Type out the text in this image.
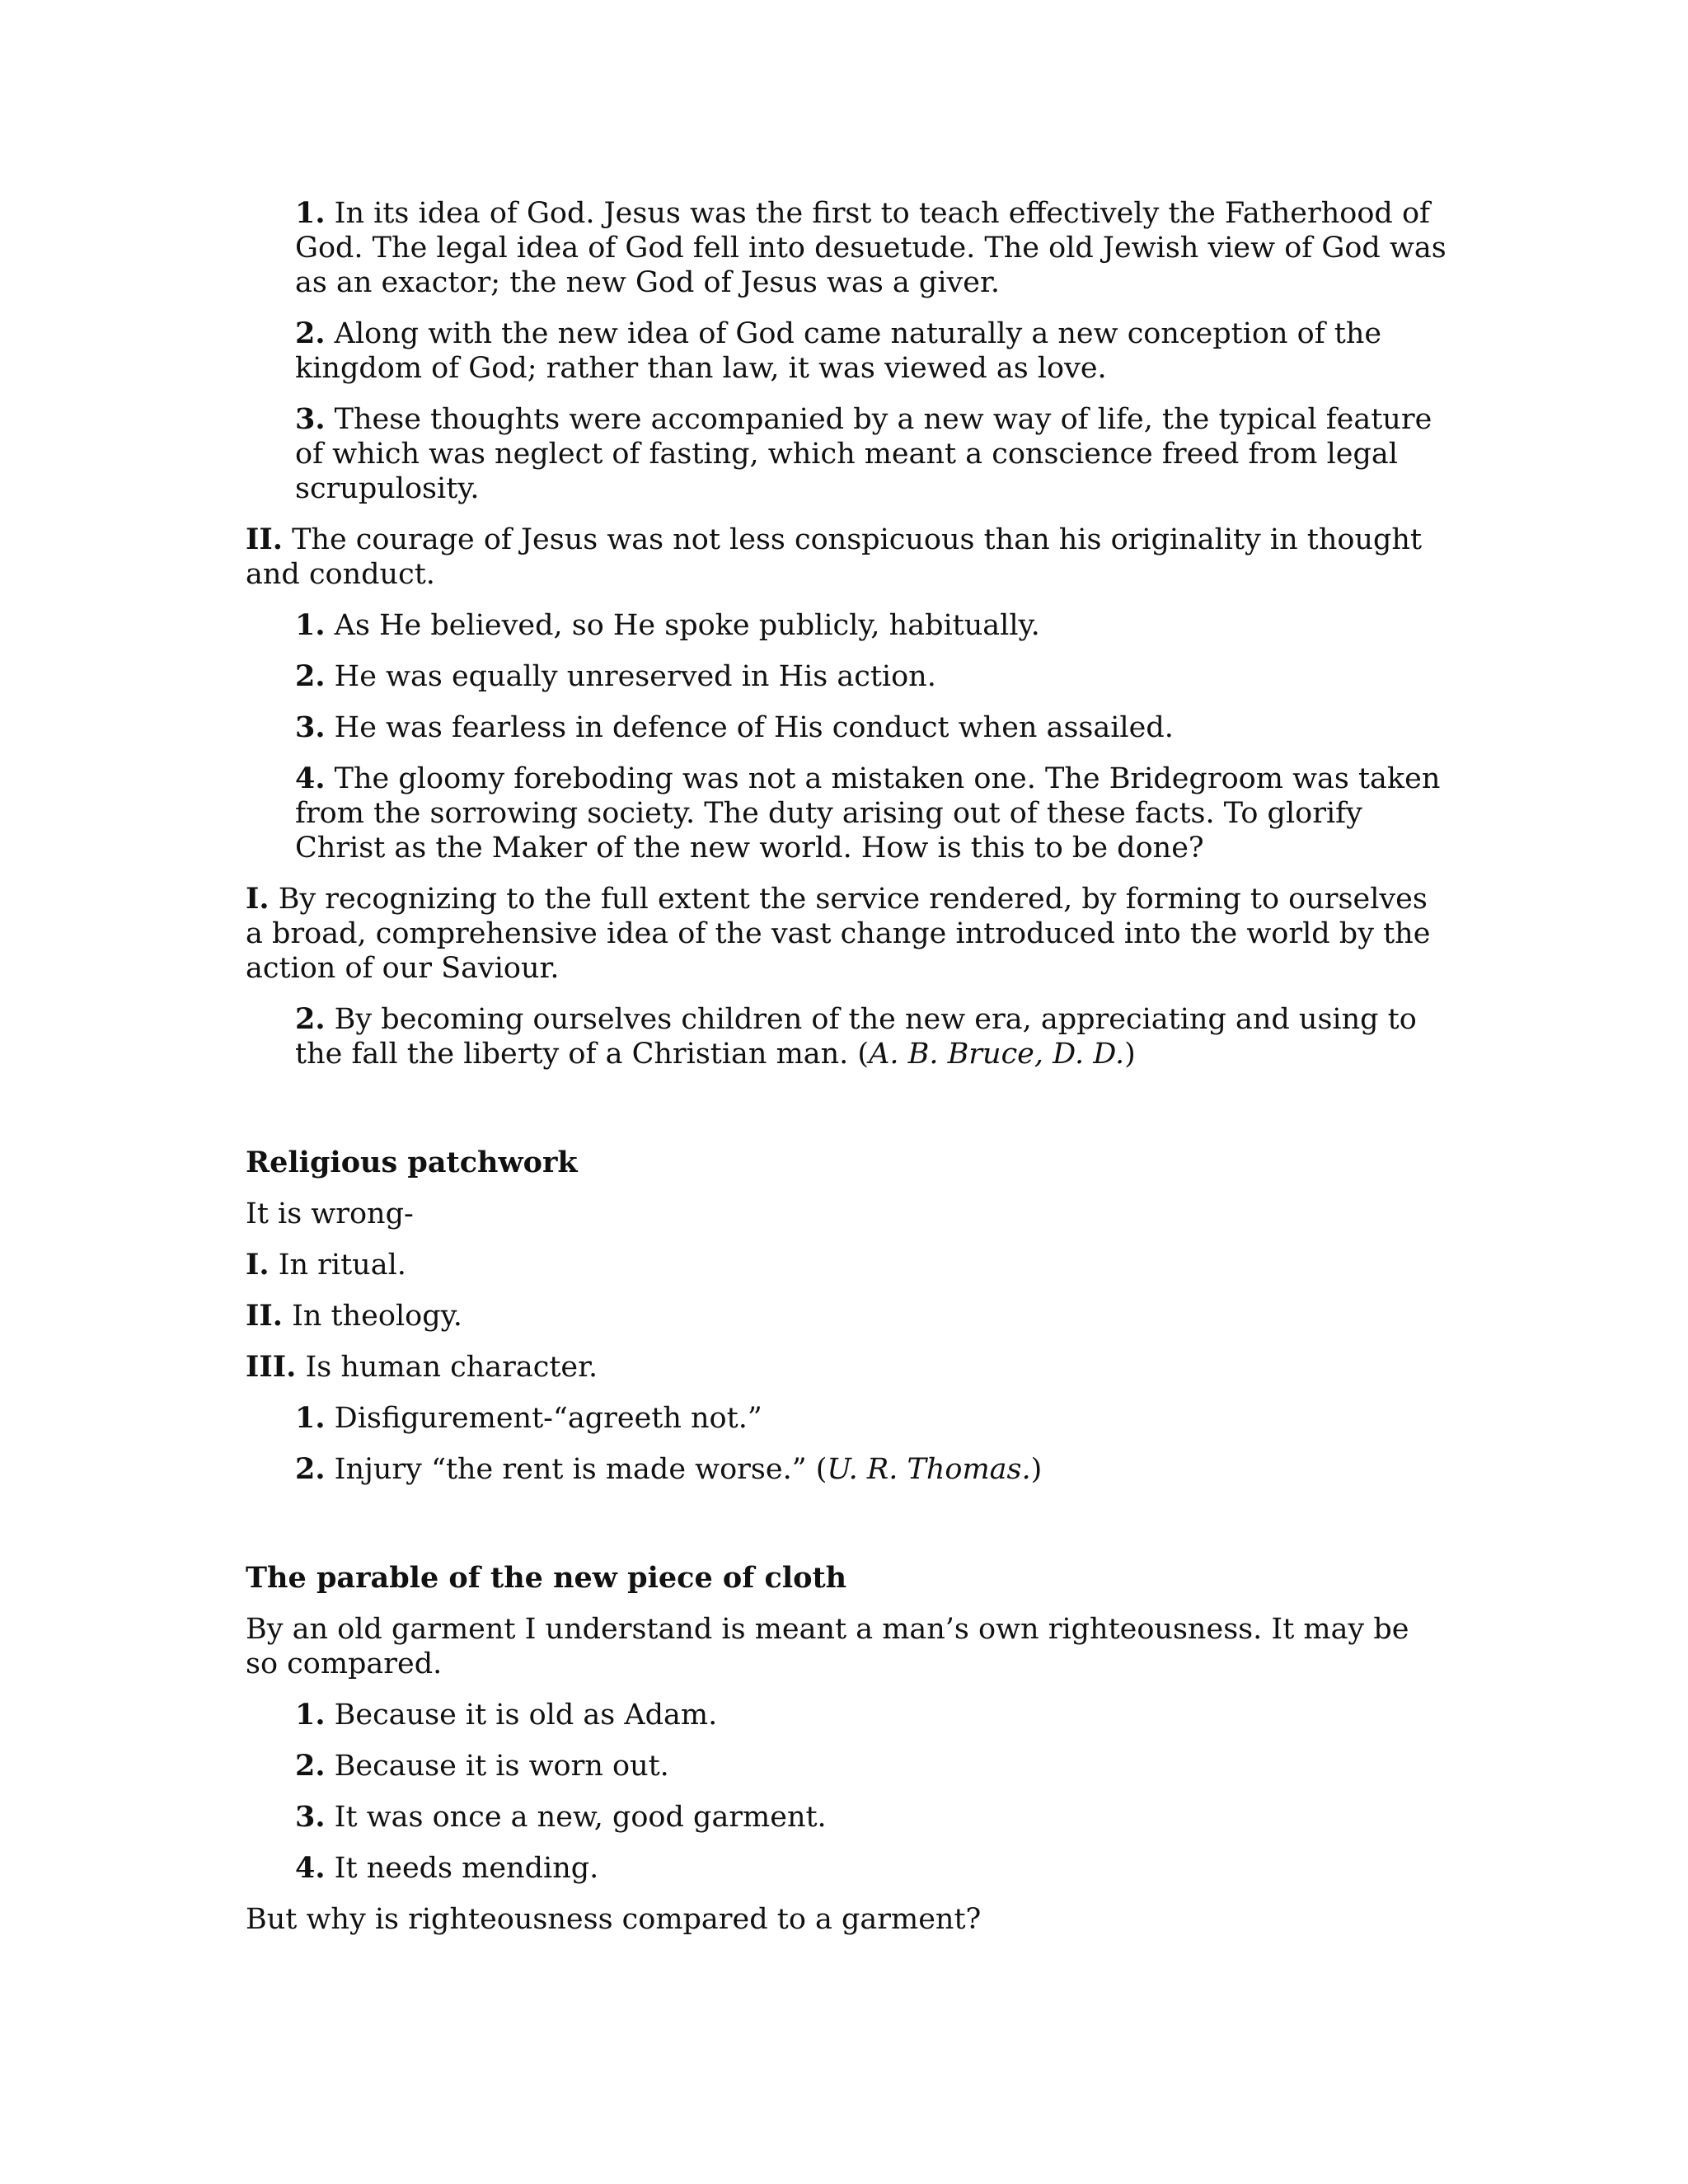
1. In its idea of God. Jesus was the first to teach effectively the Fatherhood of God. The legal idea of God fell into desuetude. The old Jewish view of God was as an exactor; the new God of Jesus was a giver.

2. Along with the new idea of God came naturally a new conception of the kingdom of God; rather than law, it was viewed as love.

3. These thoughts were accompanied by a new way of life, the typical feature of which was neglect of fasting, which meant a conscience freed from legal scrupulosity.

II. The courage of Jesus was not less conspicuous than his originality in thought and conduct.

1. As He believed, so He spoke publicly, habitually.

2. He was equally unreserved in His action.

3. He was fearless in defence of His conduct when assailed.

4. The gloomy foreboding was not a mistaken one. The Bridegroom was taken from the sorrowing society. The duty arising out of these facts. To glorify Christ as the Maker of the new world. How is this to be done?

I. By recognizing to the full extent the service rendered, by forming to ourselves a broad, comprehensive idea of the vast change introduced into the world by the action of our Saviour.

2. By becoming ourselves children of the new era, appreciating and using to the fall the liberty of a Christian man. (A. B. Bruce, D. D.)

Religious patchwork

It is wrong-

I. In ritual.

II. In theology.

III. Is human character.

1. Disfigurement-“agreeth not.”

2. Injury “the rent is made worse.” (U. R. Thomas.)

The parable of the new piece of cloth

By an old garment I understand is meant a man’s own righteousness. It may be so compared.

1. Because it is old as Adam.

2. Because it is worn out.

3. It was once a new, good garment.

4. It needs mending.

But why is righteousness compared to a garment?
